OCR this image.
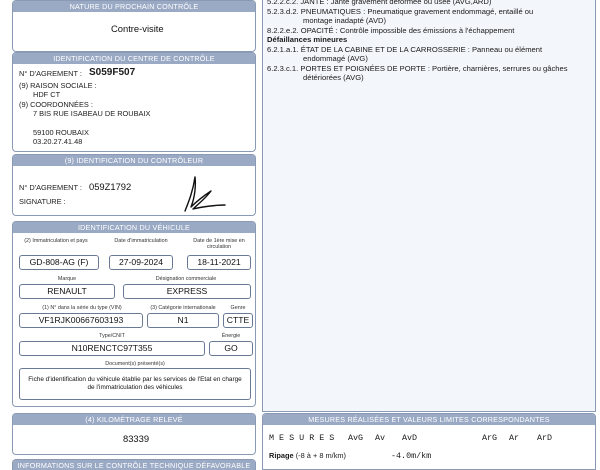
NATURE DU PROCHAIN CONTRÔLE
Contre-visite
IDENTIFICATION DU CENTRE DE CONTRÔLE
N° D'AGREMENT : S059F507
(9) RAISON SOCIALE :
HDF CT
(9) COORDONNÉES :
7 BIS RUE ISABEAU DE ROUBAIX
59100 ROUBAIX
03.20.27.41.48
(9) IDENTIFICATION DU CONTRÔLEUR
N° D'AGREMENT : 059Z1792
SIGNATURE :
IDENTIFICATION DU VÉHICULE
(2) Immatriculation et pays	Date d'immatriculation	Date de 1ère mise en circulation
GD-808-AG (F)	27-09-2024	18-11-2021
Marque	Désignation commerciale
RENAULT	EXPRESS
(1) N° dans la série du type (VIN)	(3) Catégorie internationale	Genre
VF1RJK00667603193	N1	CTTE
Type/CNIT	Énergie
N10RENCTC97T355	GO
Document(s) présenté(s)
Fiche d'identification du véhicule établie par les services de l'Etat en charge de l'immatriculation des véhicules
(4) KILOMÉTRAGE RELEVÉ
83339
INFORMATIONS SUR LE CONTRÔLE TECHNIQUE DÉFAVORABLE
5.2.2.c.2. JANTE : Jante gravement déformée ou usée (AVG,ARD)
5.2.3.d.2. PNEUMATIQUES : Pneumatique gravement endommagé, entaillé ou
montage inadapté (AVD)
8.2.2.e.2. OPACITÉ : Contrôle impossible des émissions à l'échappement
Défaillances mineures
6.2.1.a.1. ÉTAT DE LA CABINE ET DE LA CARROSSERIE : Panneau ou élément
endommagé (AVG)
6.2.3.c.1. PORTES ET POIGNÉES DE PORTE : Portière, charnières, serrures ou gâches
détériorées (AVG)
MESURES RÉALISÉES ET VALEURS LIMITES CORRESPONDANTES
M E S U R E S AvG Av AvD	ArG Ar ArD
Ripage (-8 à + 8 m/km)	-4.0m/km
